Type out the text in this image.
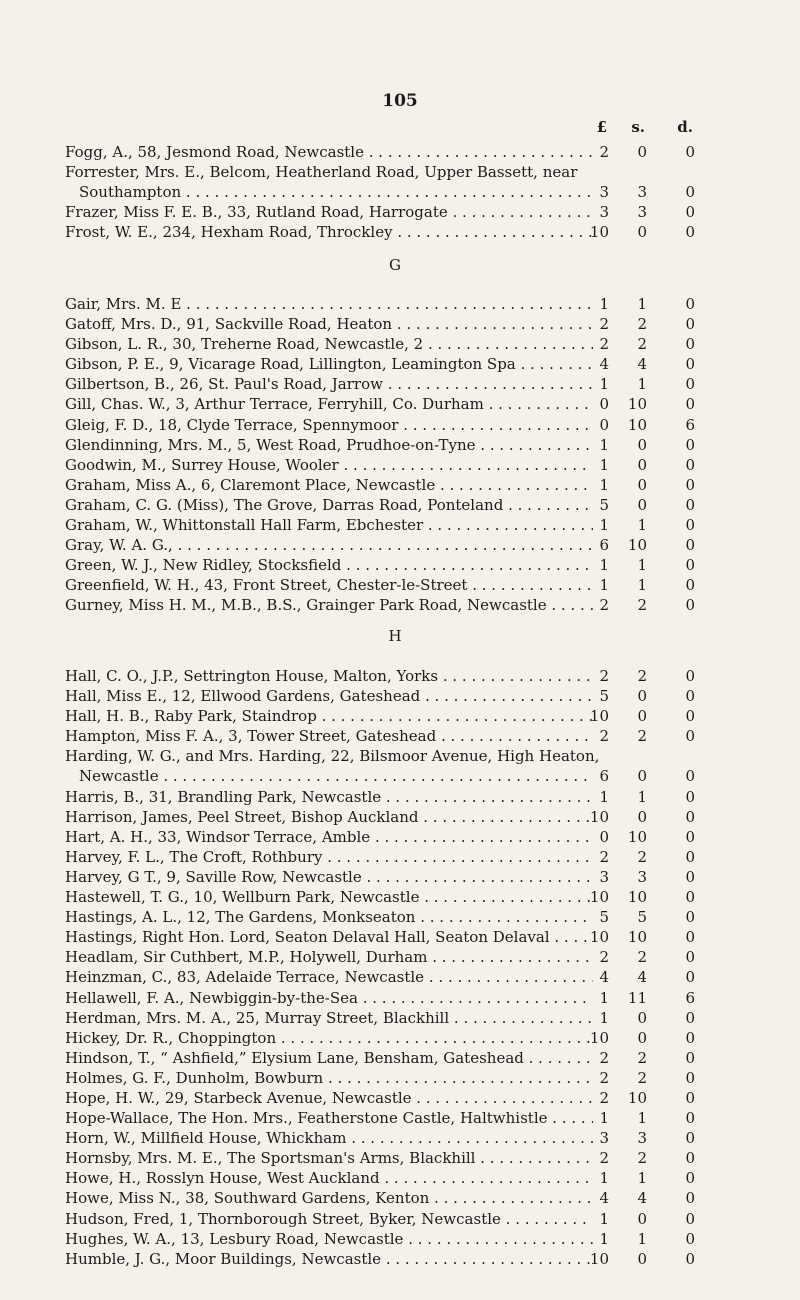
105
£	s.	d.
Fogg, A., 58, Jesmond Road, Newcastle . . .	2	0	0
Forrester, Mrs. E., Belcom, Heatherland Road, Upper Bassett, near
Southampton . . .	3	3	0
Frazer, Miss F. E. B., 33, Rutland Road, Harrogate . . .	3	3	0
Frost, W. E., 234, Hexham Road, Throckley . . .	10	0	0
G
Gair, Mrs. M. E . . .	1	1	0
Gatoff, Mrs. D., 91, Sackville Road, Heaton . . .	2	2	0
Gibson, L. R., 30, Treherne Road, Newcastle, 2 . . .	2	2	0
Gibson, P. E., 9, Vicarage Road, Lillington, Leamington Spa . . .	4	4	0
Gilbertson, B., 26, St. Paul's Road, Jarrow . . .	1	1	0
Gill, Chas. W., 3, Arthur Terrace, Ferryhill, Co. Durham . . .	0	10	0
Gleig, F. D., 18, Clyde Terrace, Spennymoor . . .	0	10	6
Glendinning, Mrs. M., 5, West Road, Prudhoe-on-Tyne . . .	1	0	0
Goodwin, M., Surrey House, Wooler . . .	1	0	0
Graham, Miss A., 6, Claremont Place, Newcastle . . .	1	0	0
Graham, C. G. (Miss), The Grove, Darras Road, Ponteland . . .	5	0	0
Graham, W., Whittonstall Hall Farm, Ebchester . . .	1	1	0
Gray, W. A. G., . . .	6	10	0
Green, W. J., New Ridley, Stocksfield . . .	1	1	0
Greenfield, W. H., 43, Front Street, Chester-le-Street . . .	1	1	0
Gurney, Miss H. M., M.B., B.S., Grainger Park Road, Newcastle . . .	2	2	0
H
Hall, C. O., J.P., Settrington House, Malton, Yorks . . .	2	2	0
Hall, Miss E., 12, Ellwood Gardens, Gateshead . . .	5	0	0
Hall, H. B., Raby Park, Staindrop . . .	10	0	0
Hampton, Miss F. A., 3, Tower Street, Gateshead . . .	2	2	0
Harding, W. G., and Mrs. Harding, 22, Bilsmoor Avenue, High Heaton,
Newcastle . . .	6	0	0
Harris, B., 31, Brandling Park, Newcastle . . .	1	1	0
Harrison, James, Peel Street, Bishop Auckland . . .	10	0	0
Hart, A. H., 33, Windsor Terrace, Amble . . .	0	10	0
Harvey, F. L., The Croft, Rothbury . . .	2	2	0
Harvey, G T., 9, Saville Row, Newcastle . . .	3	3	0
Hastewell, T. G., 10, Wellburn Park, Newcastle . . .	10	10	0
Hastings, A. L., 12, The Gardens, Monkseaton . . .	5	5	0
Hastings, Right Hon. Lord, Seaton Delaval Hall, Seaton Delaval . . .	10	10	0
Headlam, Sir Cuthbert, M.P., Holywell, Durham . . .	2	2	0
Heinzman, C., 83, Adelaide Terrace, Newcastle . . .	4	4	0
Hellawell, F. A., Newbiggin-by-the-Sea . . .	1	11	6
Herdman, Mrs. M. A., 25, Murray Street, Blackhill . . .	1	0	0
Hickey, Dr. R., Choppington . . .	10	0	0
Hindson, T., “ Ashfield,” Elysium Lane, Bensham, Gateshead . . .	2	2	0
Holmes, G. F., Dunholm, Bowburn . . .	2	2	0
Hope, H. W., 29, Starbeck Avenue, Newcastle . . .	2	10	0
Hope-Wallace, The Hon. Mrs., Featherstone Castle, Haltwhistle . . .	1	1	0
Horn, W., Millfield House, Whickham . . .	3	3	0
Hornsby, Mrs. M. E., The Sportsman's Arms, Blackhill . . .	2	2	0
Howe, H., Rosslyn House, West Auckland . . .	1	1	0
Howe, Miss N., 38, Southward Gardens, Kenton . . .	4	4	0
Hudson, Fred, 1, Thornborough Street, Byker, Newcastle . . .	1	0	0
Hughes, W. A., 13, Lesbury Road, Newcastle . . .	1	1	0
Humble, J. G., Moor Buildings, Newcastle . . .	10	0	0
